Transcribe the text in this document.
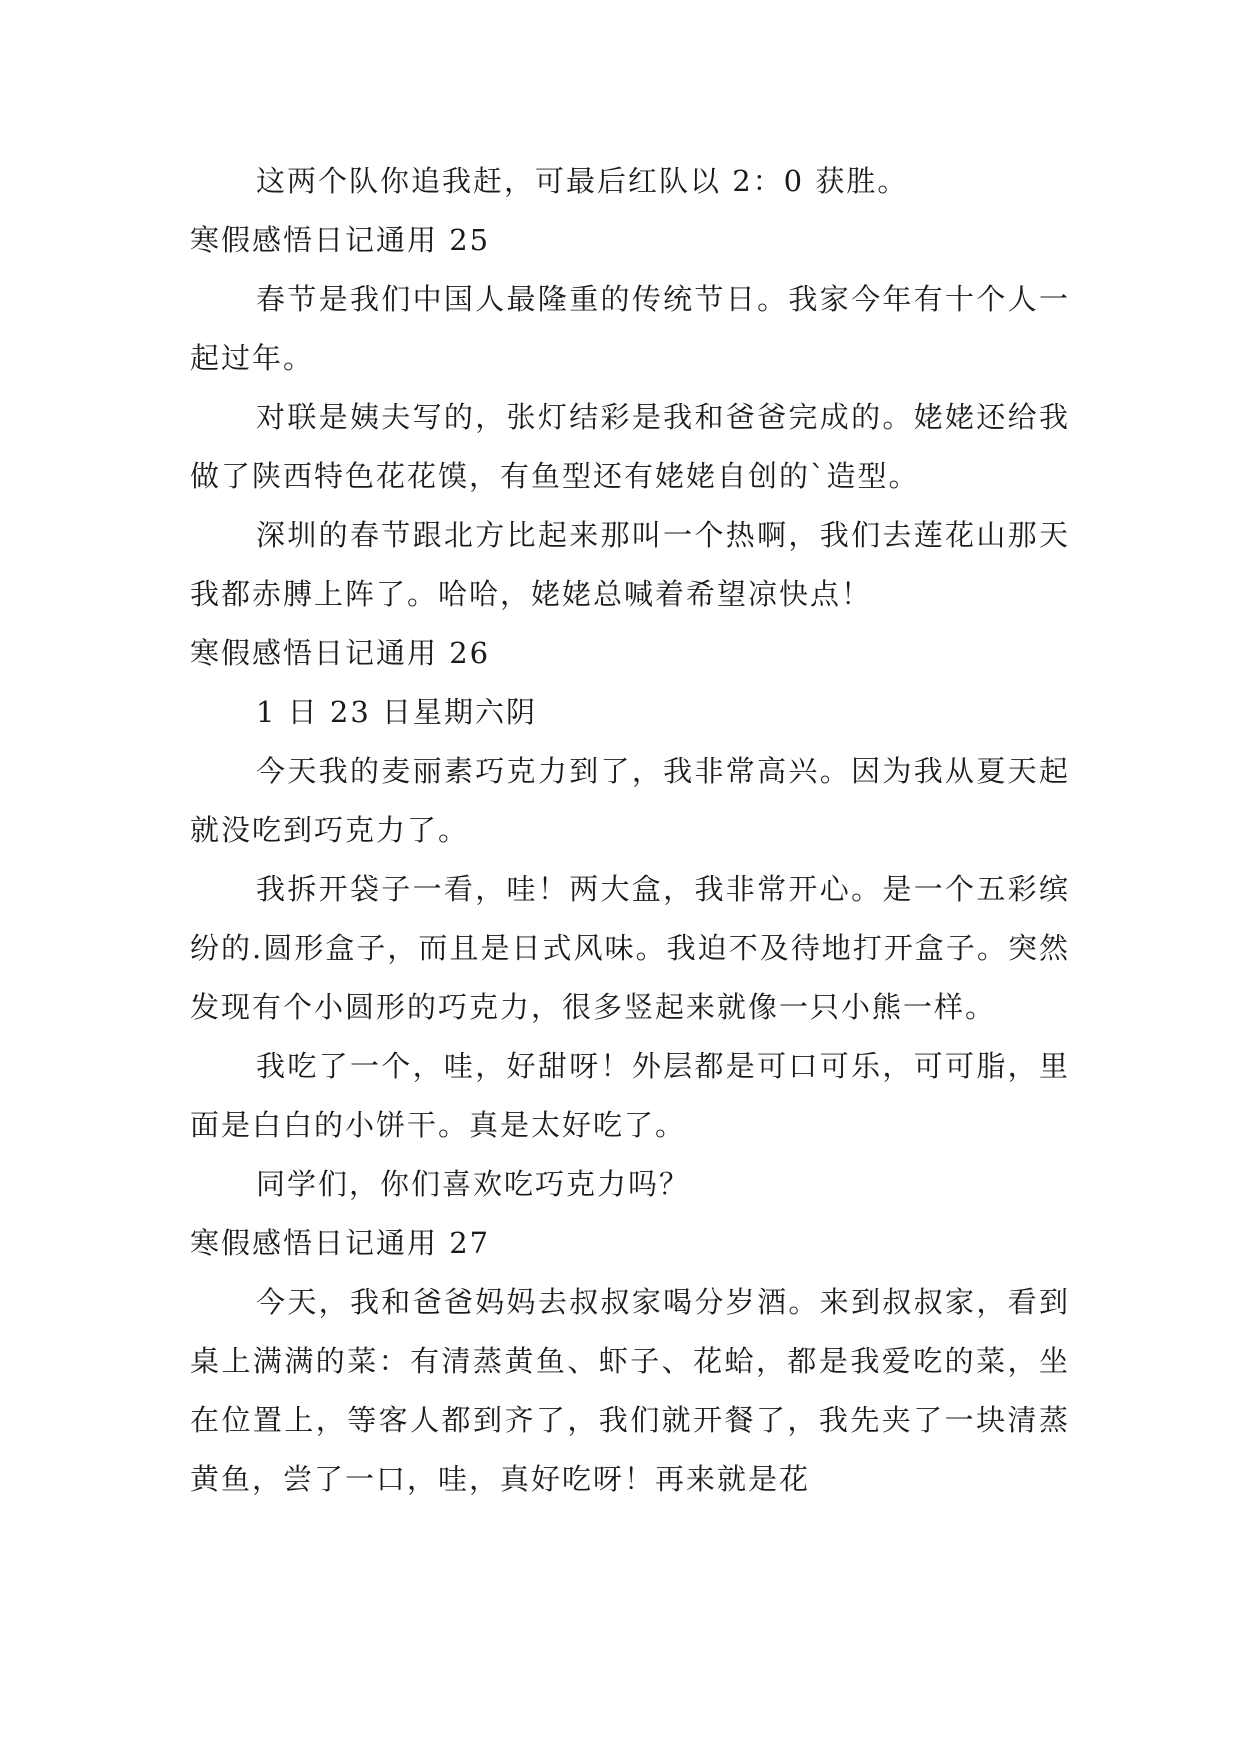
这两个队你追我赶，可最后红队以 2：0 获胜。

寒假感悟日记通用 25

春节是我们中国人最隆重的传统节日。我家今年有十个人一起过年。

对联是姨夫写的，张灯结彩是我和爸爸完成的。姥姥还给我做了陕西特色花花馍，有鱼型还有姥姥自创的`造型。

深圳的春节跟北方比起来那叫一个热啊，我们去莲花山那天我都赤膊上阵了。哈哈，姥姥总喊着希望凉快点！

寒假感悟日记通用 26

1 日 23 日星期六阴

今天我的麦丽素巧克力到了，我非常高兴。因为我从夏天起就没吃到巧克力了。

我拆开袋子一看，哇！两大盒，我非常开心。是一个五彩缤纷的.圆形盒子，而且是日式风味。我迫不及待地打开盒子。突然发现有个小圆形的巧克力，很多竖起来就像一只小熊一样。

我吃了一个，哇，好甜呀！外层都是可口可乐，可可脂，里面是白白的小饼干。真是太好吃了。

同学们，你们喜欢吃巧克力吗？

寒假感悟日记通用 27

今天，我和爸爸妈妈去叔叔家喝分岁酒。来到叔叔家，看到桌上满满的菜：有清蒸黄鱼、虾子、花蛤，都是我爱吃的菜，坐在位置上，等客人都到齐了，我们就开餐了，我先夹了一块清蒸黄鱼，尝了一口，哇，真好吃呀！再来就是花
